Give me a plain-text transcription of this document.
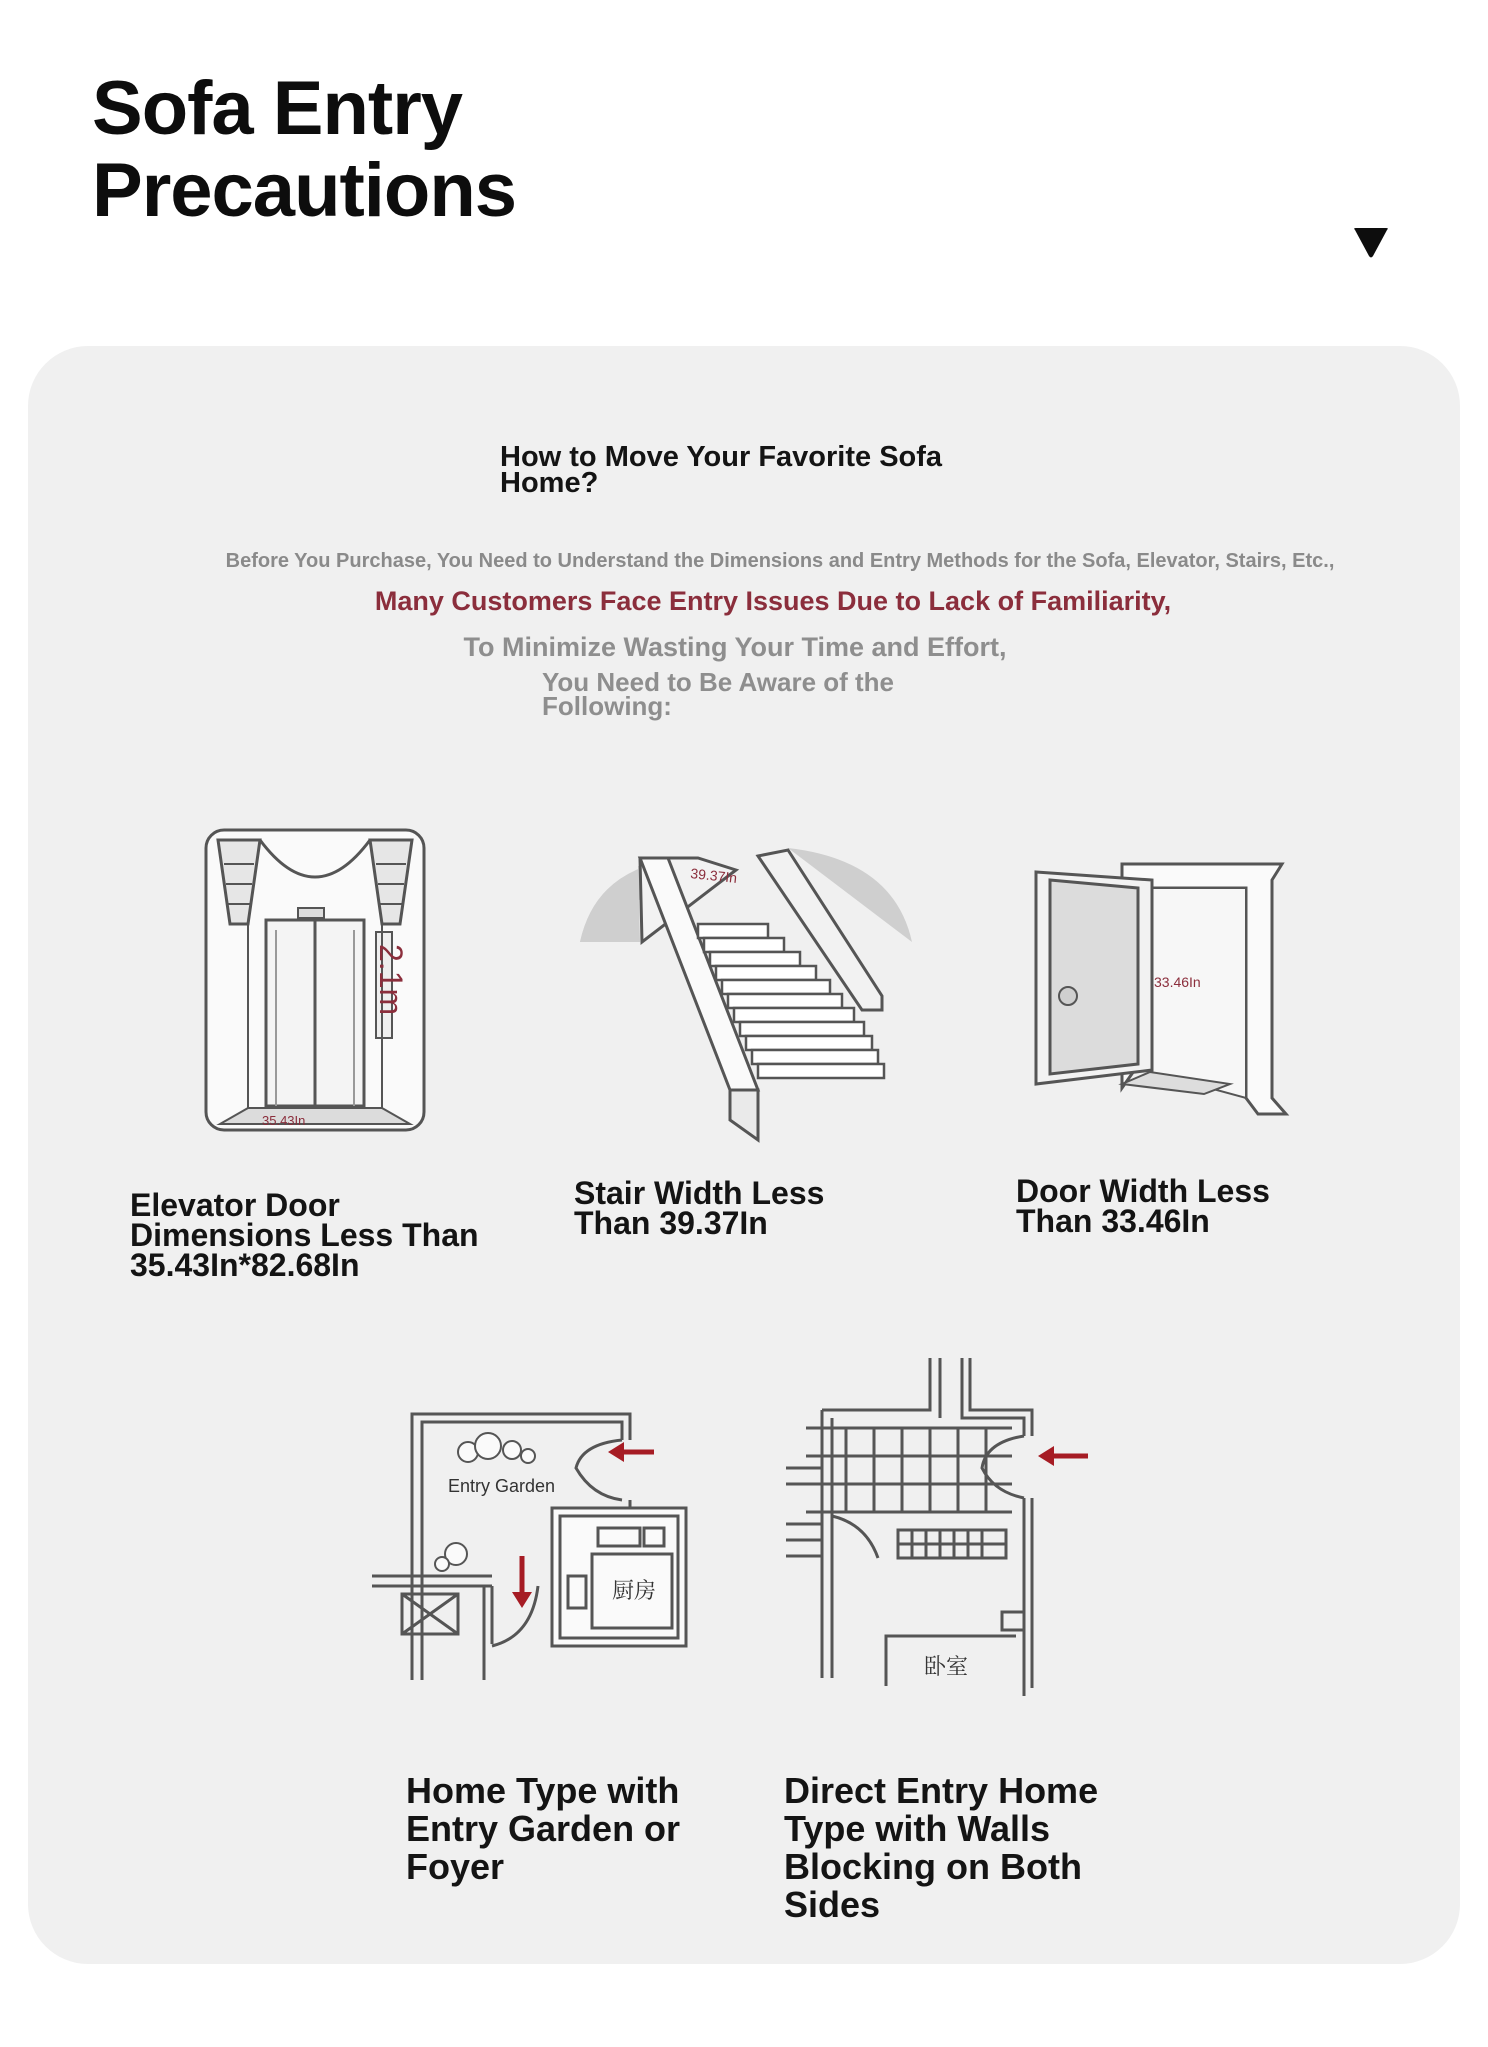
Sofa Entry
Precautions
How to Move Your Favorite Sofa Home?

Before You Purchase, You Need to Understand the Dimensions and Entry Methods for the Sofa, Elevator, Stairs, Etc.,

Many Customers Face Entry Issues Due to Lack of Familiarity,

To Minimize Wasting Your Time and Effort,

You Need to Be Aware of the Following:

2.1m
35.43In
39.37In
33.46In

Elevator Door Dimensions Less Than 35.43In*82.68In

Stair Width Less Than 39.37In

Door Width Less Than 33.46In

Entry Garden
厨房
卧室

Home Type with Entry Garden or Foyer

Direct Entry Home Type with Walls Blocking on Both Sides
